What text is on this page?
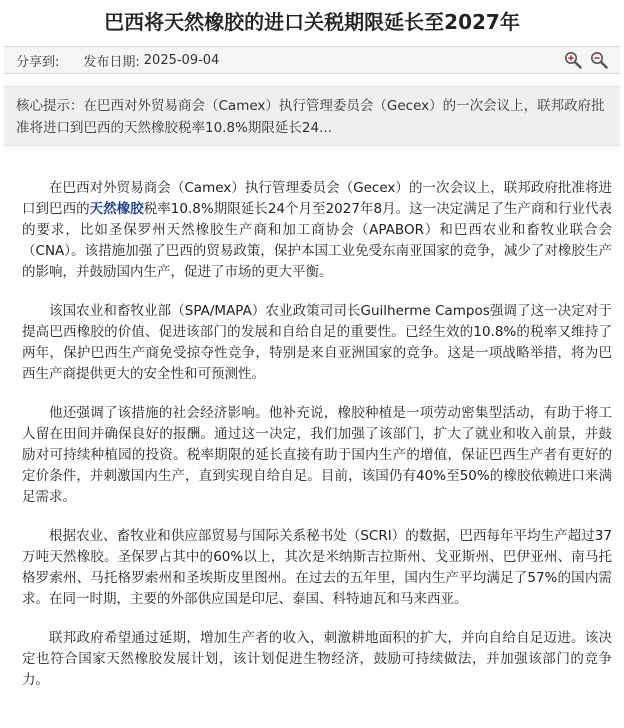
巴西将天然橡胶的进口关税期限延长至2027年
分享到: 发布日期: 2025-09-04
核心提示：在巴西对外贸易商会（Camex）执行管理委员会（Gecex）的一次会议上，联邦政府批准将进口到巴西的天然橡胶税率10.8%期限延长24...

在巴西对外贸易商会（Camex）执行管理委员会（Gecex）的一次会议上，联邦政府批准将进口到巴西的天然橡胶税率10.8%期限延长24个月至2027年8月。这一决定满足了生产商和行业代表的要求，比如圣保罗州天然橡胶生产商和加工商协会（APABOR）和巴西农业和畜牧业联合会（CNA）。该措施加强了巴西的贸易政策，保护本国工业免受东南亚国家的竞争，减少了对橡胶生产的影响，并鼓励国内生产，促进了市场的更大平衡。

该国农业和畜牧业部（SPA/MAPA）农业政策司司长Guilherme Campos强调了这一决定对于提高巴西橡胶的价值、促进该部门的发展和自给自足的重要性。已经生效的10.8%的税率又维持了两年，保护巴西生产商免受掠夺性竞争，特别是来自亚洲国家的竞争。这是一项战略举措，将为巴西生产商提供更大的安全性和可预测性。

他还强调了该措施的社会经济影响。他补充说，橡胶种植是一项劳动密集型活动，有助于将工人留在田间并确保良好的报酬。通过这一决定，我们加强了该部门，扩大了就业和收入前景，并鼓励对可持续种植园的投资。税率期限的延长直接有助于国内生产的增值，保证巴西生产者有更好的定价条件，并刺激国内生产，直到实现自给自足。目前，该国仍有40%至50%的橡胶依赖进口来满足需求。

根据农业、畜牧业和供应部贸易与国际关系秘书处（SCRI）的数据，巴西每年平均生产超过37万吨天然橡胶。圣保罗占其中的60%以上，其次是米纳斯吉拉斯州、戈亚斯州、巴伊亚州、南马托格罗索州、马托格罗索州和圣埃斯皮里图州。在过去的五年里，国内生产平均满足了57%的国内需求。在同一时期，主要的外部供应国是印尼、泰国、科特迪瓦和马来西亚。

联邦政府希望通过延期，增加生产者的收入，刺激耕地面积的扩大，并向自给自足迈进。该决定也符合国家天然橡胶发展计划，该计划促进生物经济，鼓励可持续做法，并加强该部门的竞争力。
